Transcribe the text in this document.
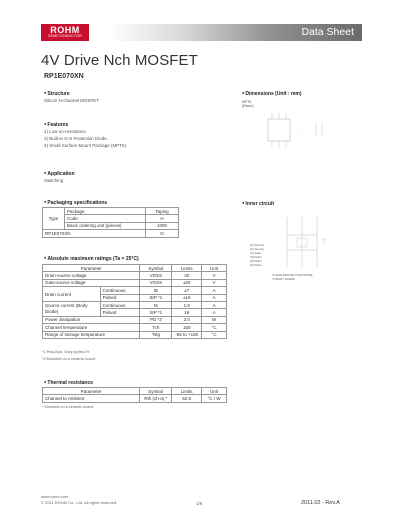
ROHM
SEMICONDUCTOR	Data Sheet
4V Drive Nch MOSFET
RP1E070XN
● Structure
Silicon N-channel MOSFET
● Features
1) Low on-resistance.
2) Built-in G-S Protection Diode.
3) Small Surface Mount Package (MPT6).
● Application
Switching
● Dimensions (Unit : mm)
MPT6
(Reper)
● Inner circuit
(1) Source
(2) Source
(3) Gate
(4) Drain
(5) Drain
(6) Drain
*1 ESD PROTECTION DIODE
*2 BODY DIODE
● Packaging specifications
Type	Package	Taping
	Code	H
	Basic ordering unit (pieces)	1000
RP1E070XN		O
● Absolute maximum ratings (Ta = 25°C)
Parameter		Symbol	Limits	Unit
Drain-source voltage		VDSS	30	V
Gate-source voltage		VGSS	±20	V
Drain current	Continuous	ID	±7	A
	Pulsed	IDP *1	±16	A
Source current (Body Diode)	Continuous	IS	1.6	A
	Pulsed	ISP *1	16	A
Power dissipation		PD *2	2.0	W
Channel temperature		Tch	150	°C
Range of storage temperature		Tstg	-55 to +150	°C
*1 Pw≤10μs, Duty cycle≤1%
*2 Mounted on a ceramic board.
● Thermal resistance
Parameter	Symbol	Limits	Unit
Channel to Ambient	Rth (ch-a) *	62.5	°C / W
* Mounted on a ceramic board.
www.rohm.com
© 2011 ROHM Co., Ltd. All rights reserved.	1/6	2011.02 - Rev.A
